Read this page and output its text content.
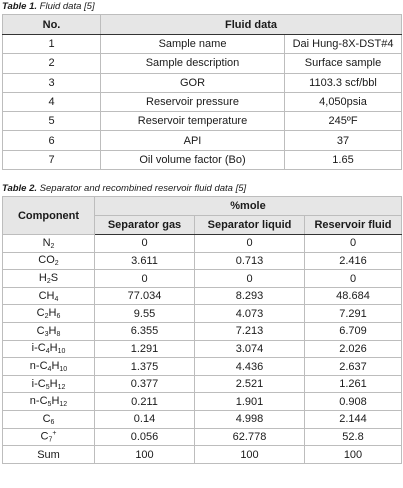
Table 1. Fluid data [5]
No.	Fluid data	
1	Sample name	Dai Hung-8X-DST#4
2	Sample description	Surface sample
3	GOR	1103.3 scf/bbl
4	Reservoir pressure	4,050psia
5	Reservoir temperature	245ºF
6	API	37
7	Oil volume factor (Bo)	1.65
Table 2. Separator and recombined reservoir fluid data [5]
Component	%mole		
	Separator gas	Separator liquid	Reservoir fluid
$N_2$	0	0	0
$CO_2$	3.611	0.713	2.416
$H_2S$	0	0	0
$CH_4$	77.034	8.293	48.684
$C_2H_6$	9.55	4.073	7.291
$C_3H_8$	6.355	7.213	6.709
$i-C_4H_{10}$	1.291	3.074	2.026
$n-C_4H_{10}$	1.375	4.436	2.637
$i-C_5H_{12}$	0.377	2.521	1.261
$n-C_5H_{12}$	0.211	1.901	0.908
$C_6$	0.14	4.998	2.144
$C_7^+$	0.056	62.778	52.8
Sum	100	100	100
